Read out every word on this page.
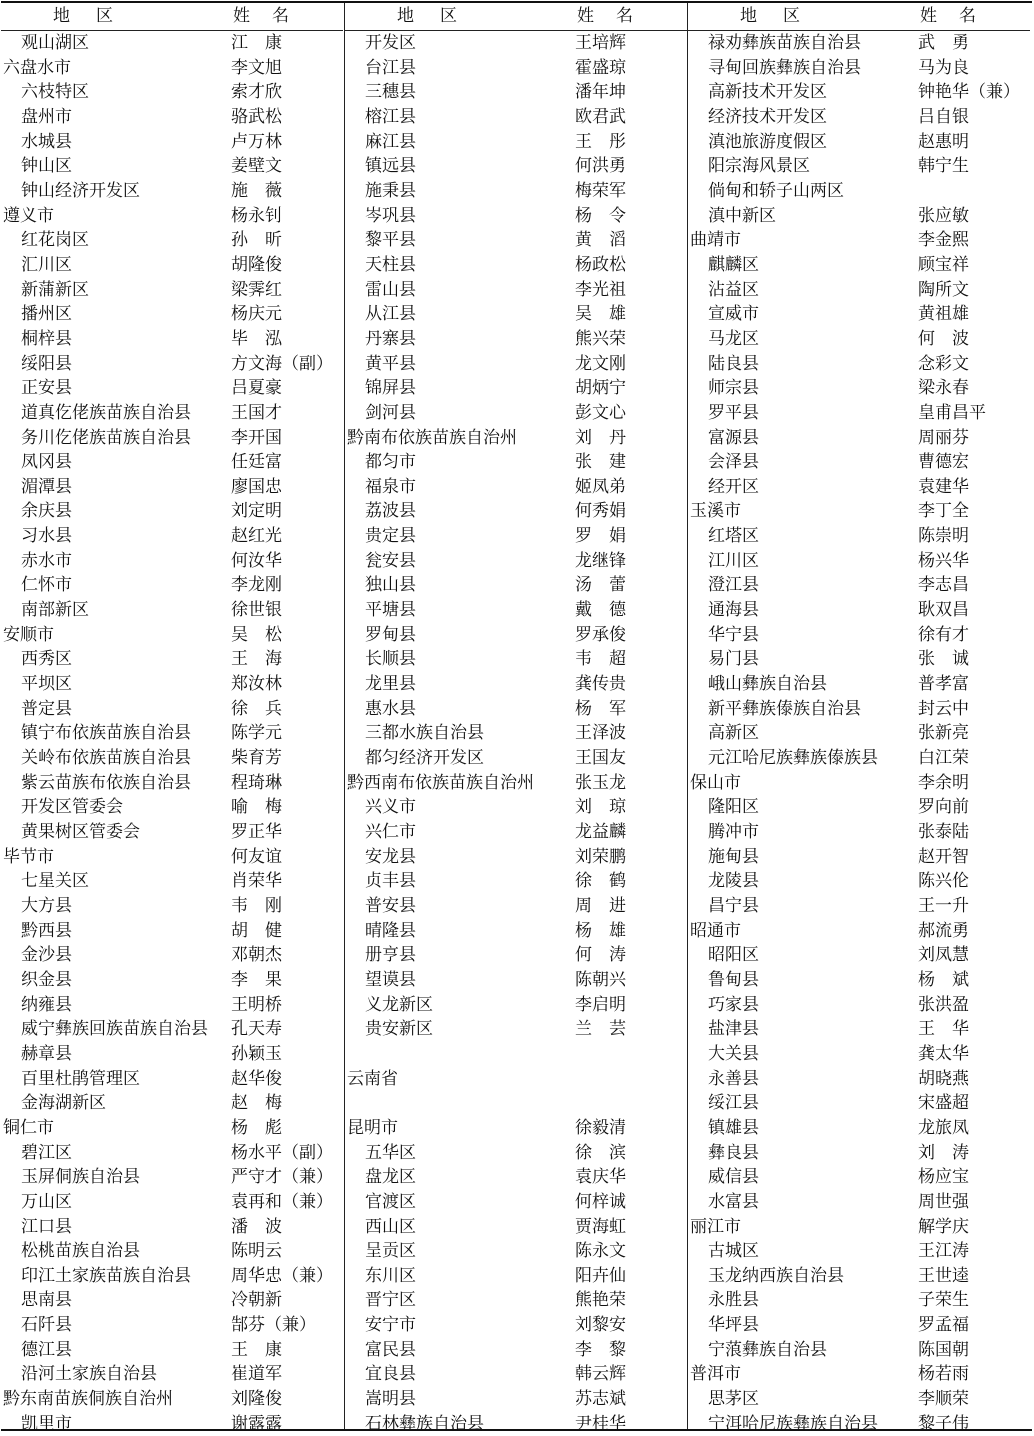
地区	姓名
观山湖区	江康
六盘水市	李文旭
六枝特区	索才欣
盘州市	骆武松
水城县	卢万林
钟山区	姜壁文
钟山经济开发区	施薇
遵义市	杨永钊
红花岗区	孙昕
汇川区	胡隆俊
新蒲新区	梁霁红
播州区	杨庆元
桐梓县	毕泓
绥阳县	方文海（副）
正安县	吕夏豪
道真仡佬族苗族自治县 王国才
务川仡佬族苗族自治县 李开国
凤冈县	任廷富
湄潭县	廖国忠
余庆县	刘定明
习水县	赵红光
赤水市	何汝华
仁怀市	李龙刚
南部新区	徐世银
安顺市	吴松
西秀区	王海
平坝区	郑汝林
普定县	徐兵
镇宁布依族苗族自治县 陈学元
关岭布依族苗族自治县 柴育芳
紫云苗族布依族自治县 程琦琳
开发区管委会	喻梅
黄果树区管委会	罗正华
毕节市	何友谊
七星关区	肖荣华
大方县	韦刚
黔西县	胡健
金沙县	邓朝杰
织金县	李果
纳雍县	王明桥
威宁彝族回族苗族自治县 孔天寿
赫章县	孙颖玉
百里杜鹃管理区	赵华俊
金海湖新区	赵梅
铜仁市	杨彪
碧江区	杨水平（副）
玉屏侗族自治县	严守才（兼）
万山区	袁再和（兼）
江口县	潘波
松桃苗族自治县	陈明云
印江土家族苗族自治县 周华忠（兼）
思南县	冷朝新
石阡县	郜芬（兼）
德江县	王康
沿河土家族自治县	崔道军
黔东南苗族侗族自治州	刘隆俊
凯里市	谢露露
地区	姓名
开发区	王培辉
台江县	霍盛琼
三穗县	潘年坤
榕江县	欧君武
麻江县	王彤
镇远县	何洪勇
施秉县	梅荣军
岑巩县	杨令
黎平县	黄滔
天柱县	杨政松
雷山县	李光祖
从江县	吴雄
丹寨县	熊兴荣
黄平县	龙文刚
锦屏县	胡炳宁
剑河县	彭文心
黔南布依族苗族自治州	刘丹
都匀市	张建
福泉市	姬凤弟
荔波县	何秀娟
贵定县	罗娟
瓮安县	龙继锋
独山县	汤蕾
平塘县	戴德
罗甸县	罗承俊
长顺县	韦超
龙里县	龚传贵
惠水县	杨军
三都水族自治县	王泽波
都匀经济开发区	王国友
黔西南布依族苗族自治州 张玉龙
兴义市	刘琼
兴仁市	龙益麟
安龙县	刘荣鹏
贞丰县	徐鹤
普安县	周进
晴隆县	杨雄
册亨县	何涛
望谟县	陈朝兴
义龙新区	李启明
贵安新区	兰芸
云南省
昆明市	徐毅清
五华区	徐滨
盘龙区	袁庆华
官渡区	何梓诚
西山区	贾海虹
呈贡区	陈永文
东川区	阳卉仙
晋宁区	熊艳荣
安宁市	刘黎安
富民县	李黎
宜良县	韩云辉
嵩明县	苏志斌
石林彝族自治县	尹桂华
地区	姓名
禄劝彝族苗族自治县	武勇
寻甸回族彝族自治县	马为良
高新技术开发区	钟艳华（兼）
经济技术开发区	吕自银
滇池旅游度假区	赵惠明
阳宗海风景区	韩宁生
倘甸和轿子山两区
滇中新区	张应敏
曲靖市	李金熙
麒麟区	顾宝祥
沾益区	陶所文
宣威市	黄祖雄
马龙区	何波
陆良县	念彩文
师宗县	梁永春
罗平县	皇甫昌平
富源县	周丽芬
会泽县	曹德宏
经开区	袁建华
玉溪市	李丁全
红塔区	陈崇明
江川区	杨兴华
澄江县	李志昌
通海县	耿双昌
华宁县	徐有才
易门县	张诚
峨山彝族自治县	普孝富
新平彝族傣族自治县	封云中
高新区	张新亮
元江哈尼族彝族傣族县 白江荣
保山市	李余明
隆阳区	罗向前
腾冲市	张泰陆
施甸县	赵开智
龙陵县	陈兴伦
昌宁县	王一升
昭通市	郝流勇
昭阳区	刘凤慧
鲁甸县	杨斌
巧家县	张洪盈
盐津县	王华
大关县	龚太华
永善县	胡晓燕
绥江县	宋盛超
镇雄县	龙旅凤
彝良县	刘涛
威信县	杨应宝
水富县	周世强
丽江市	解学庆
古城区	王江涛
玉龙纳西族自治县	王世逵
永胜县	子荣生
华坪县	罗孟福
宁蒗彝族自治县	陈国朝
普洱市	杨若雨
思茅区	李顺荣
宁洱哈尼族彝族自治县 黎子伟
